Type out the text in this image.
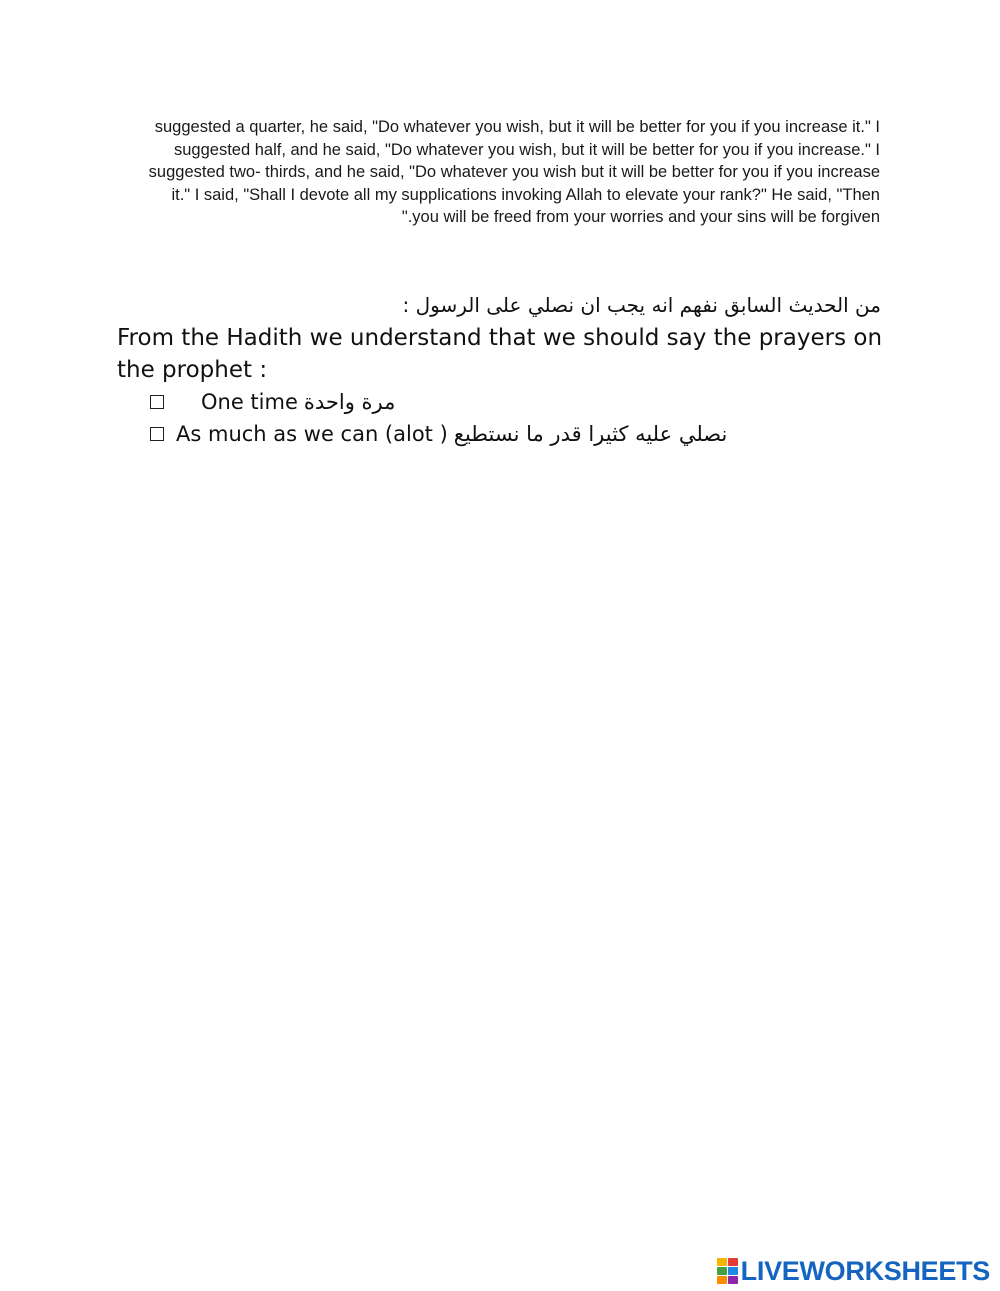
suggested a quarter, he said, "Do whatever you wish, but it will be better for you if you increase it." I
suggested half, and he said, "Do whatever you wish, but it will be better for you if you increase." I
suggested two- thirds, and he said, "Do whatever you wish but it will be better for you if you increase
it." I said, "Shall I devote all my supplications invoking Allah to elevate your rank?" He said, "Then
you will be freed from your worries and your sins will be forgiven."

من الحديث السابق نفهم انه يجب ان نصلي على الرسول :

From the Hadith we understand that we should say the prayers on the prophet :

One time مرة واحدة
As much as we can (alot ) نصلي عليه كثيرا قدر ما نستطيع
LIVEWORKSHEETS
